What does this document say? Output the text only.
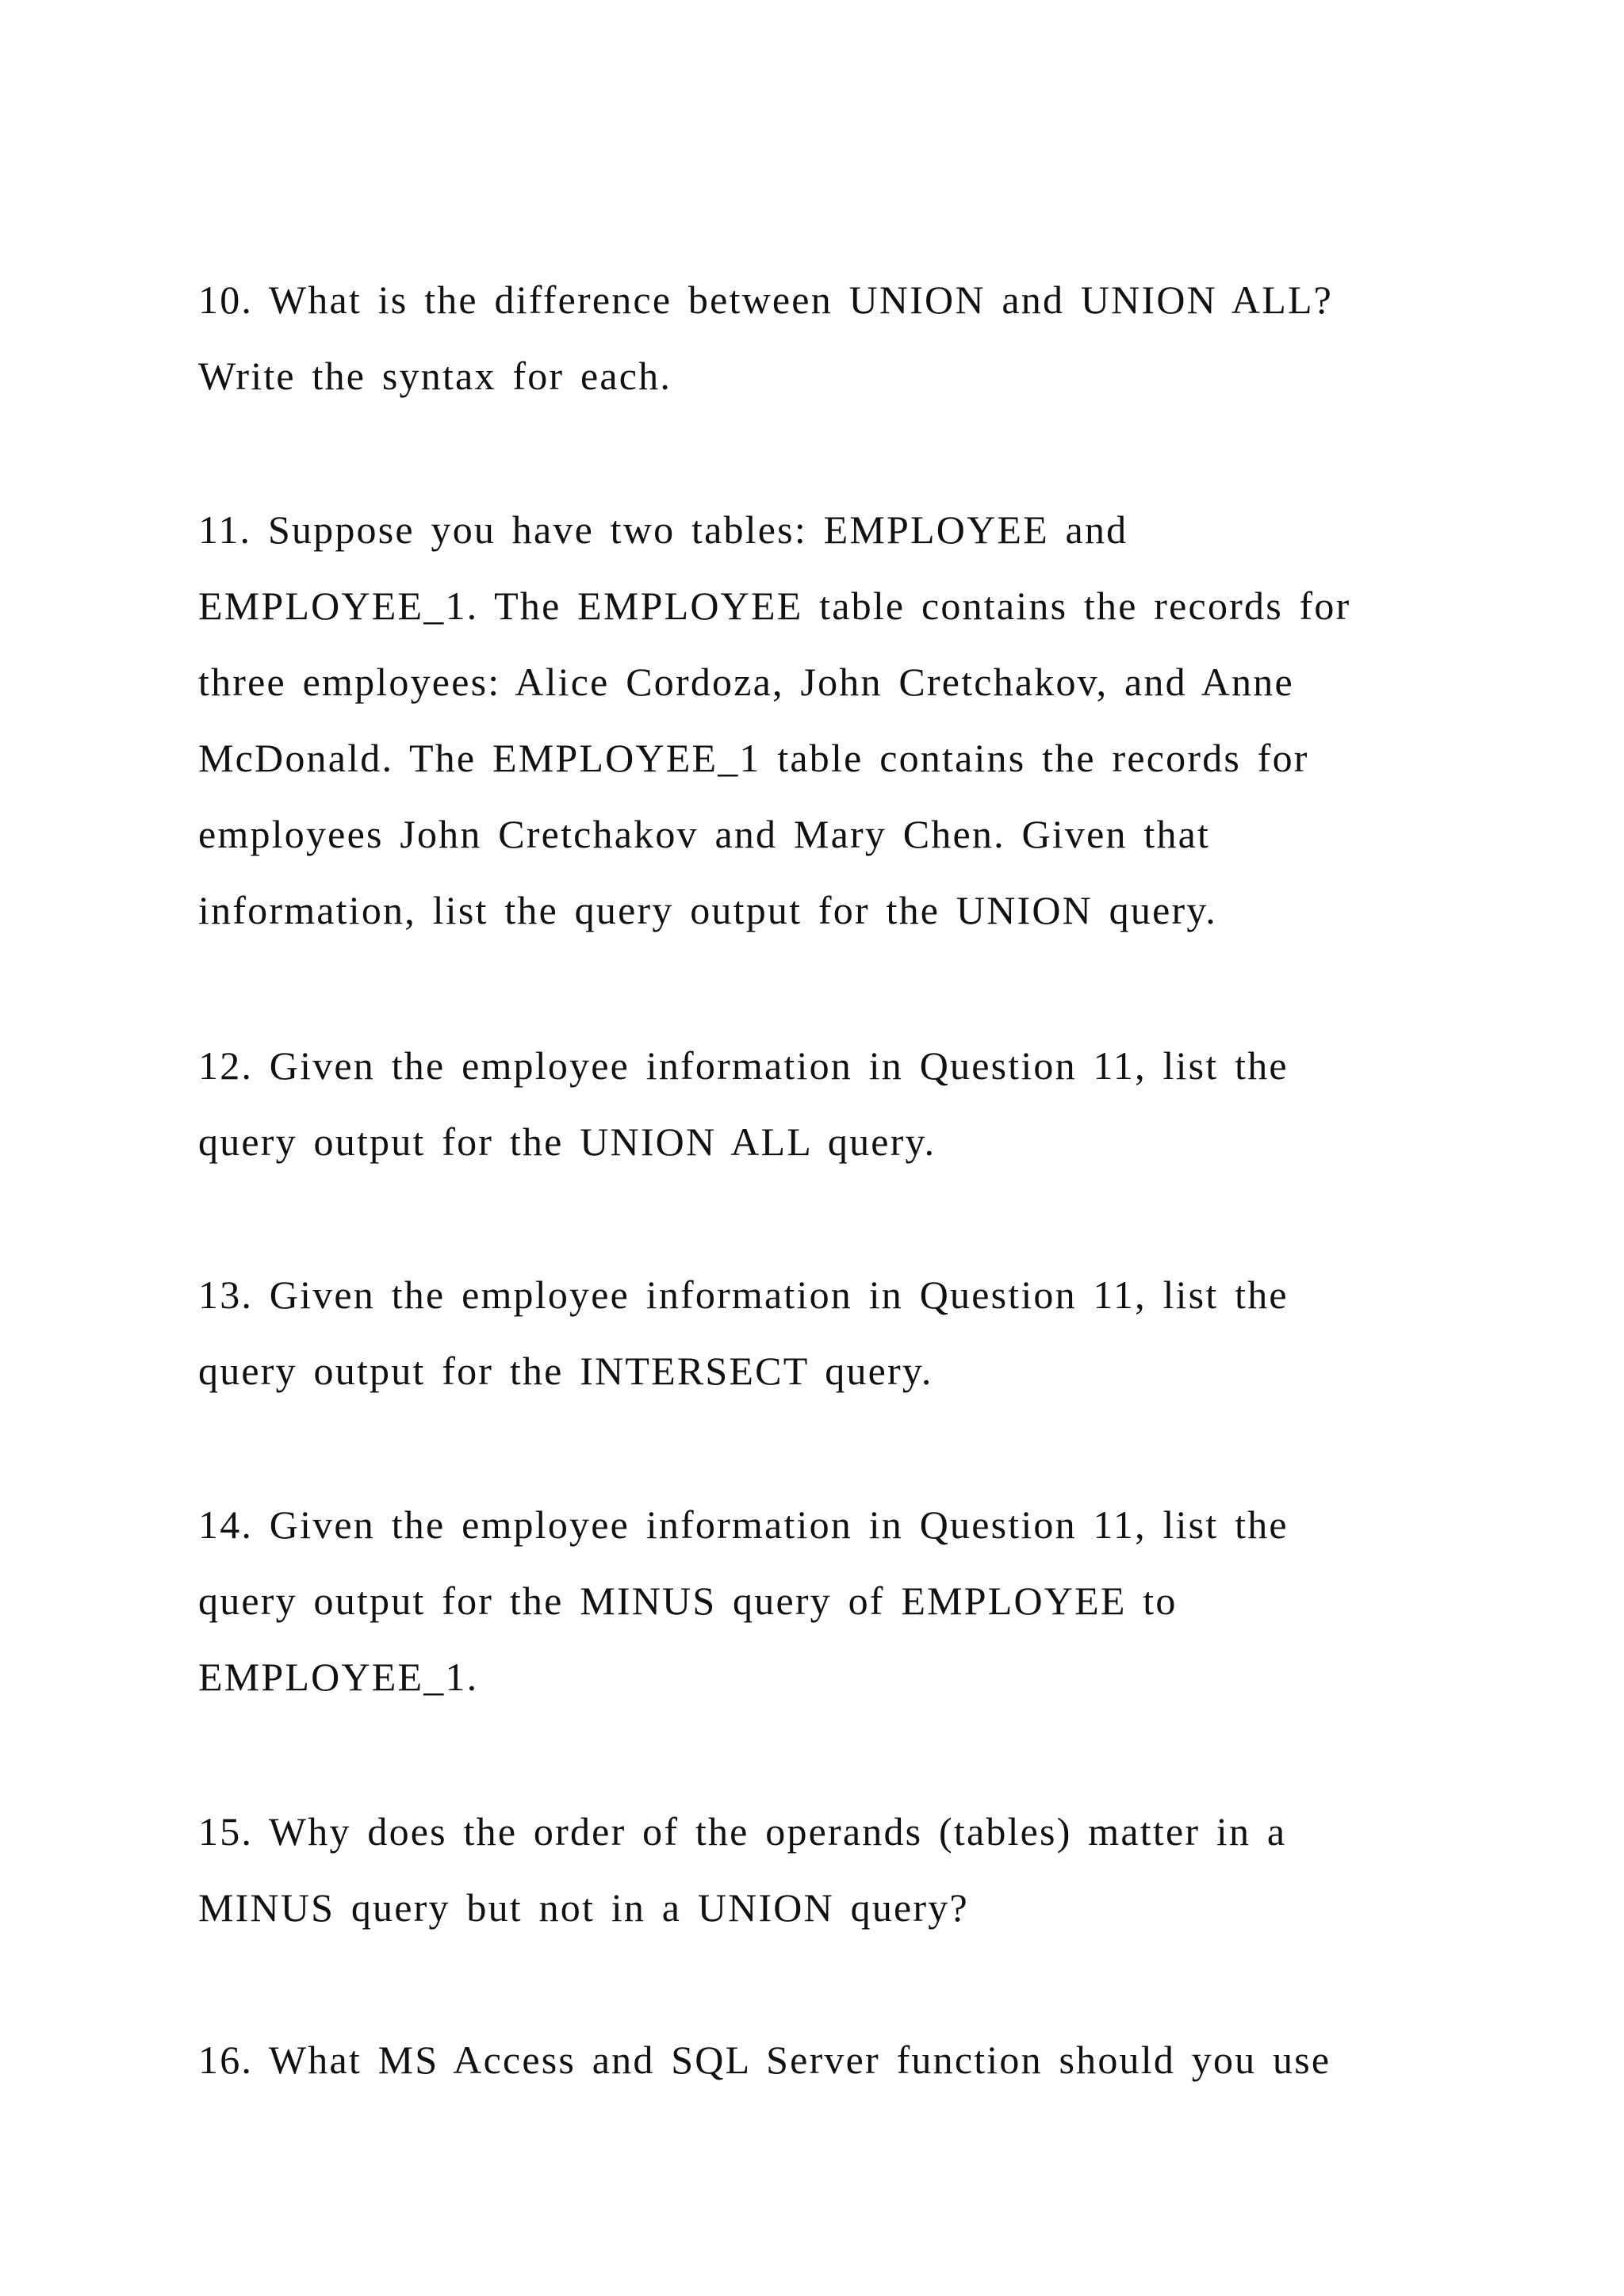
10. What is the difference between UNION and UNION ALL?
Write the syntax for each.
11. Suppose you have two tables: EMPLOYEE and
EMPLOYEE_1. The EMPLOYEE table contains the records for
three employees: Alice Cordoza, John Cretchakov, and Anne
McDonald. The EMPLOYEE_1 table contains the records for
employees John Cretchakov and Mary Chen. Given that
information, list the query output for the UNION query.
12. Given the employee information in Question 11, list the
query output for the UNION ALL query.
13. Given the employee information in Question 11, list the
query output for the INTERSECT query.
14. Given the employee information in Question 11, list the
query output for the MINUS query of EMPLOYEE to
EMPLOYEE_1.
15. Why does the order of the operands (tables) matter in a
MINUS query but not in a UNION query?
16. What MS Access and SQL Server function should you use
